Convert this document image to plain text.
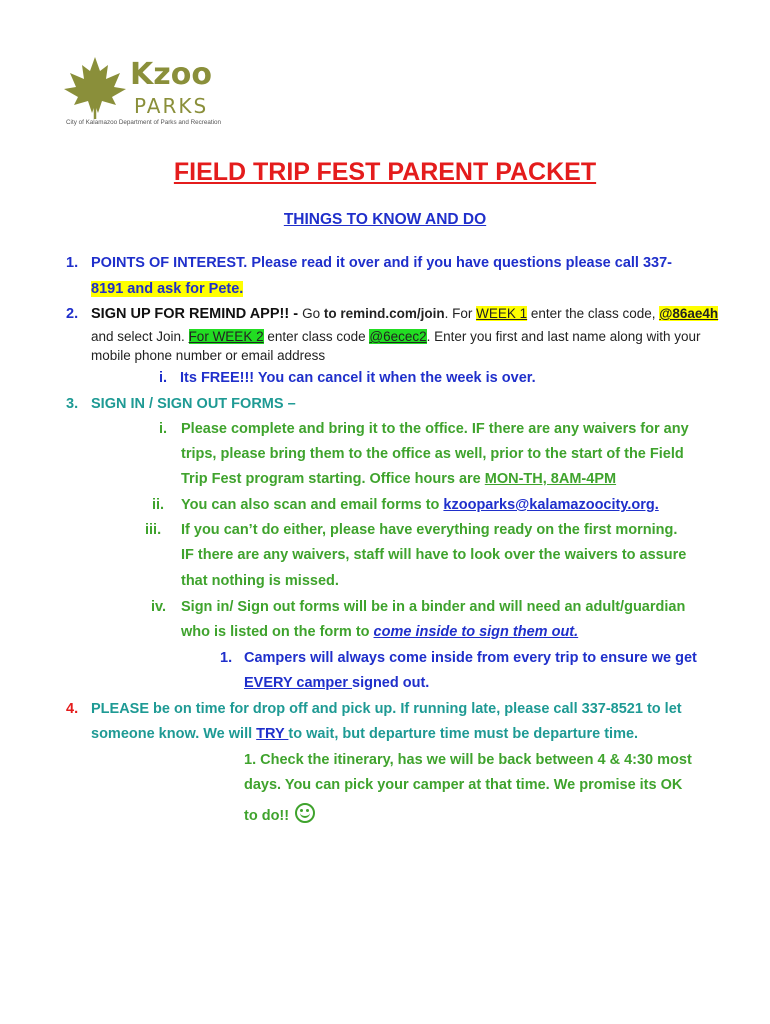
Kzoo
PARKS
City of Kalamazoo Department of Parks and Recreation
FIELD TRIP FEST PARENT PACKET
THINGS TO KNOW AND DO
1. POINTS OF INTEREST. Please read it over and if you have questions please call 337-
8191 and ask for Pete.
2. SIGN UP FOR REMIND APP!! - Go to remind.com/join. For WEEK 1 enter the class code, @86ae4h
and select Join. For WEEK 2 enter class code @6ecec2. Enter you first and last name along with your
mobile phone number or email address
i. Its FREE!!! You can cancel it when the week is over.
3. SIGN IN / SIGN OUT FORMS –
i. Please complete and bring it to the office. IF there are any waivers for any
trips, please bring them to the office as well, prior to the start of the Field
Trip Fest program starting. Office hours are MON-TH, 8AM-4PM
ii. You can also scan and email forms to kzooparks@kalamazoocity.org.
iii. If you can’t do either, please have everything ready on the first morning.
IF there are any waivers, staff will have to look over the waivers to assure
that nothing is missed.
iv. Sign in/ Sign out forms will be in a binder and will need an adult/guardian
who is listed on the form to come inside to sign them out.
1. Campers will always come inside from every trip to ensure we get
EVERY camper signed out.
4. PLEASE be on time for drop off and pick up. If running late, please call 337-8521 to let
someone know. We will TRY to wait, but departure time must be departure time.
1. Check the itinerary, has we will be back between 4 & 4:30 most
days. You can pick your camper at that time. We promise its OK
to do!!
